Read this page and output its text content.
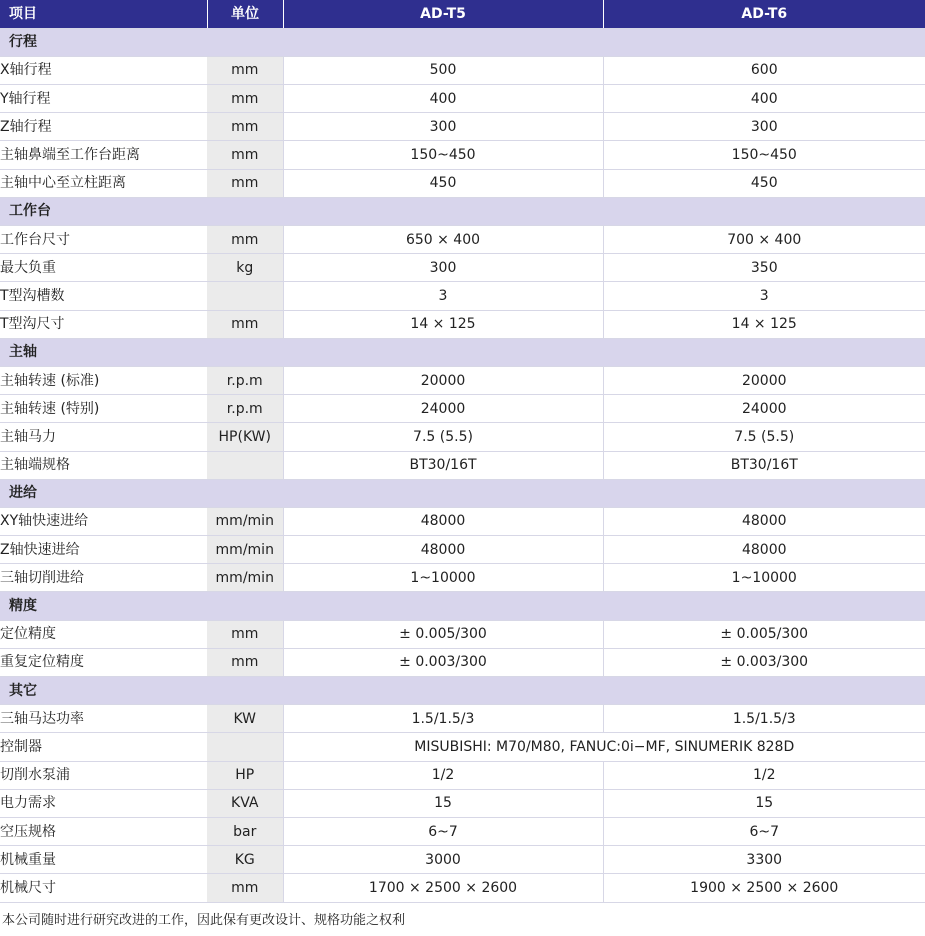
项目	单位	AD-T5	AD-T6
行程			
X轴行程	mm	500	600
Y轴行程	mm	400	400
Z轴行程	mm	300	300
主轴鼻端至工作台距离	mm	150~450	150~450
主轴中心至立柱距离	mm	450	450
工作台			
工作台尺寸	mm	650 × 400	700 × 400
最大负重	kg	300	350
T型沟槽数		3	3
T型沟尺寸	mm	14 × 125	14 × 125
主轴			
主轴转速 (标准)	r.p.m	20000	20000
主轴转速 (特别)	r.p.m	24000	24000
主轴马力	HP(KW)	7.5 (5.5)	7.5 (5.5)
主轴端规格		BT30/16T	BT30/16T
进给			
XY轴快速进给	mm/min	48000	48000
Z轴快速进给	mm/min	48000	48000
三轴切削进给	mm/min	1~10000	1~10000
精度			
定位精度	mm	± 0.005/300	± 0.005/300
重复定位精度	mm	± 0.003/300	± 0.003/300
其它			
三轴马达功率	KW	1.5/1.5/3	1.5/1.5/3
控制器		MISUBISHI: M70/M80, FANUC:0i−MF, SINUMERIK 828D	
切削水泵浦	HP	1/2	1/2
电力需求	KVA	15	15
空压规格	bar	6~7	6~7
机械重量	KG	3000	3300
机械尺寸	mm	1700 × 2500 × 2600	1900 × 2500 × 2600
本公司随时进行研究改进的工作，因此保有更改设计、规格功能之权利
